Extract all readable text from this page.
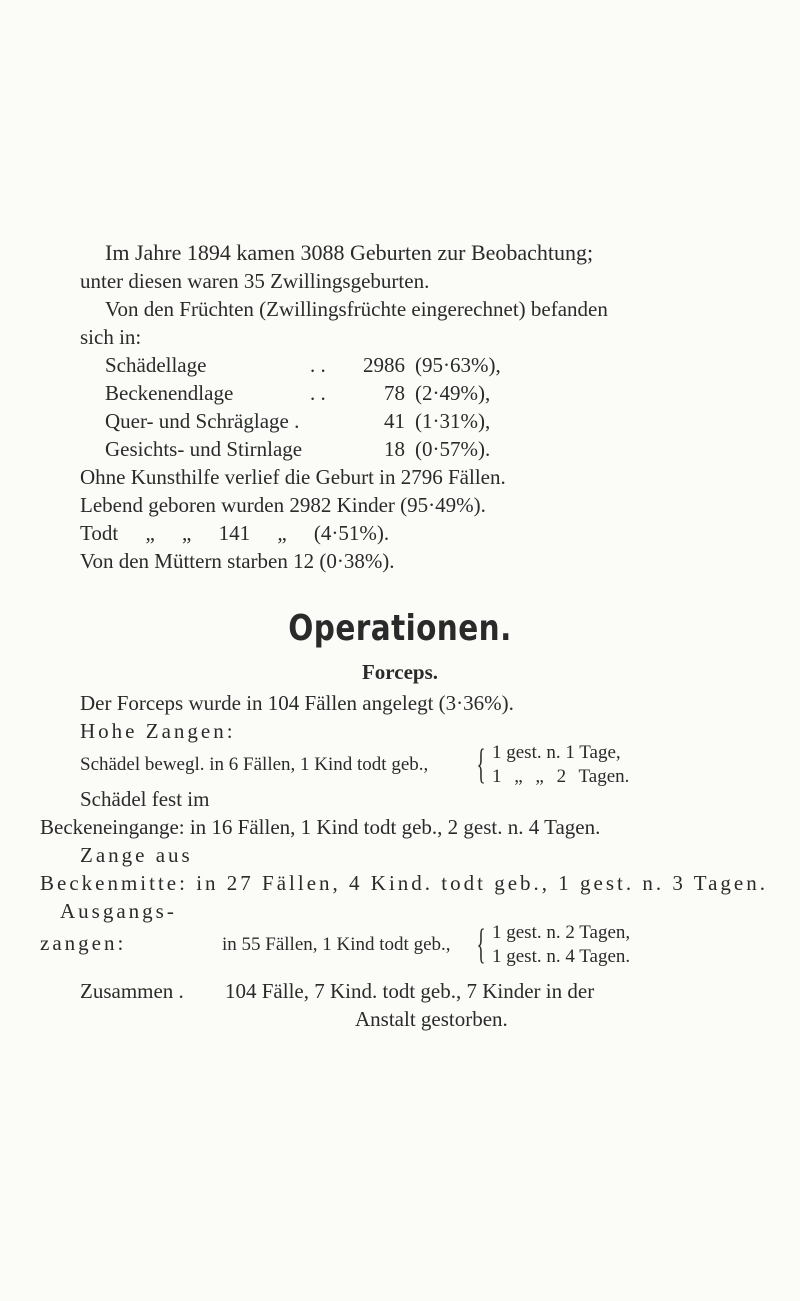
Im Jahre 1894 kamen 3088 Geburten zur Beobachtung;
unter diesen waren 35 Zwillingsgeburten.
Von den Früchten (Zwillingsfrüchte eingerechnet) befanden
sich in:
Schädellage	. .	2986 (95·63%),
Beckenendlage	. .	78 (2·49%),
Quer- und Schräglage .	41 (1·31%),
Gesichts- und Stirnlage	18 (0·57%).
Ohne Kunsthilfe verlief die Geburt in 2796 Fällen.
Lebend geboren wurden 2982 Kinder (95·49%).
Todt „ „ 141 „ (4·51%).
Von den Müttern starben 12 (0·38%).
Operationen.
Forceps.
Der Forceps wurde in 104 Fällen angelegt (3·36%).
Hohe Zangen:
Schädel bewegl. in 6 Fällen, 1 Kind todt geb., { 1 gest. n. 1 Tage,
1 „ „ 2 Tagen.
Schädel fest im
Beckeneingange: in 16 Fällen, 1 Kind todt geb., 2 gest. n. 4 Tagen.
Zange aus
Beckenmitte: in 27 Fällen, 4 Kind. todt geb., 1 gest. n. 3 Tagen.
Ausgangs-
zangen:	in 55 Fällen, 1 Kind todt geb., { 1 gest. n. 2 Tagen,
1 gest. n. 4 Tagen.
Zusammen . 104 Fälle, 7 Kind. todt geb., 7 Kinder in der
Anstalt gestorben.
